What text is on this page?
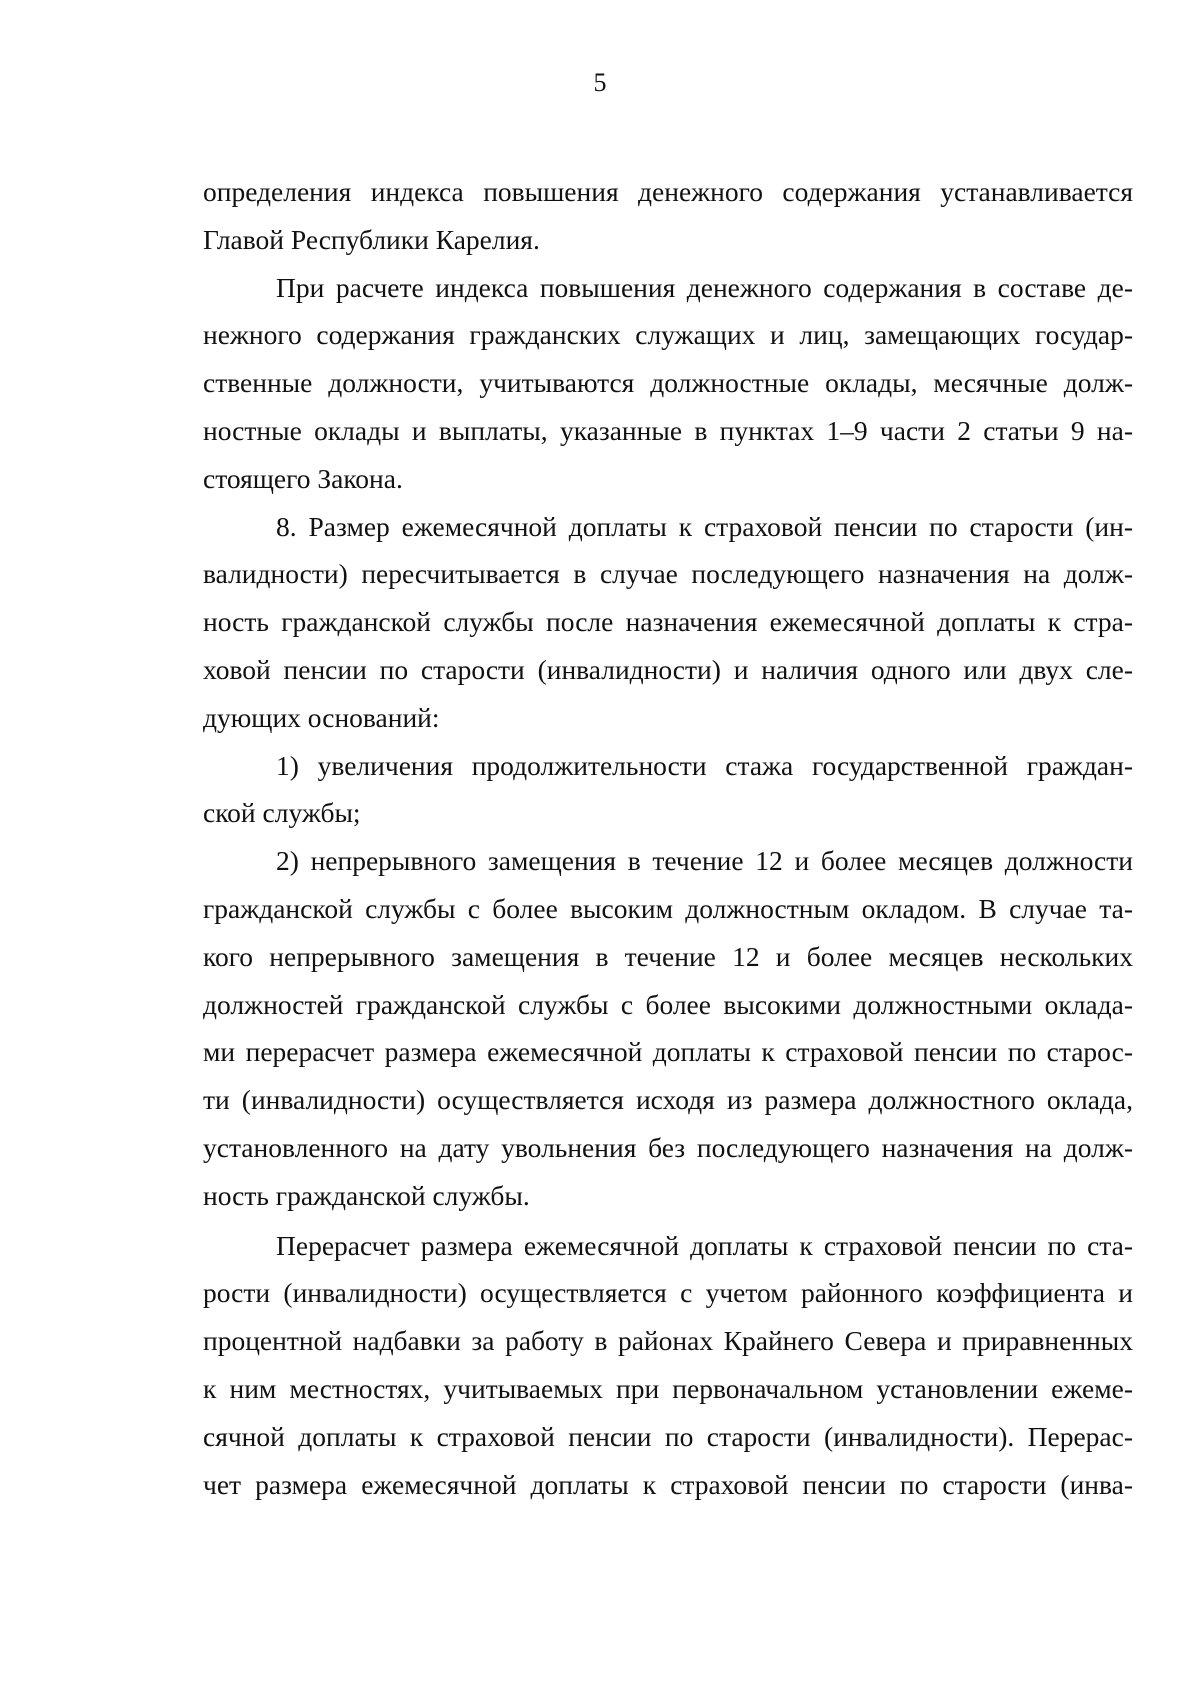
5
определения индекса повышения денежного содержания устанавливается
Главой Республики Карелия.
При расчете индекса повышения денежного содержания в составе де-
нежного содержания гражданских служащих и лиц, замещающих государ-
ственные должности, учитываются должностные оклады, месячные долж-
ностные оклады и выплаты, указанные в пунктах 1–9 части 2 статьи 9 на-
стоящего Закона.
8. Размер ежемесячной доплаты к страховой пенсии по старости (ин-
валидности) пересчитывается в случае последующего назначения на долж-
ность гражданской службы после назначения ежемесячной доплаты к стра-
ховой пенсии по старости (инвалидности) и наличия одного или двух сле-
дующих оснований:
1) увеличения продолжительности стажа государственной граждан-
ской службы;
2) непрерывного замещения в течение 12 и более месяцев должности
гражданской службы с более высоким должностным окладом. В случае та-
кого непрерывного замещения в течение 12 и более месяцев нескольких
должностей гражданской службы с более высокими должностными оклада-
ми перерасчет размера ежемесячной доплаты к страховой пенсии по старос-
ти (инвалидности) осуществляется исходя из размера должностного оклада,
установленного на дату увольнения без последующего назначения на долж-
ность гражданской службы.
Перерасчет размера ежемесячной доплаты к страховой пенсии по ста-
рости (инвалидности) осуществляется с учетом районного коэффициента и
процентной надбавки за работу в районах Крайнего Севера и приравненных
к ним местностях, учитываемых при первоначальном установлении ежеме-
сячной доплаты к страховой пенсии по старости (инвалидности). Перерас-
чет размера ежемесячной доплаты к страховой пенсии по старости (инва-
